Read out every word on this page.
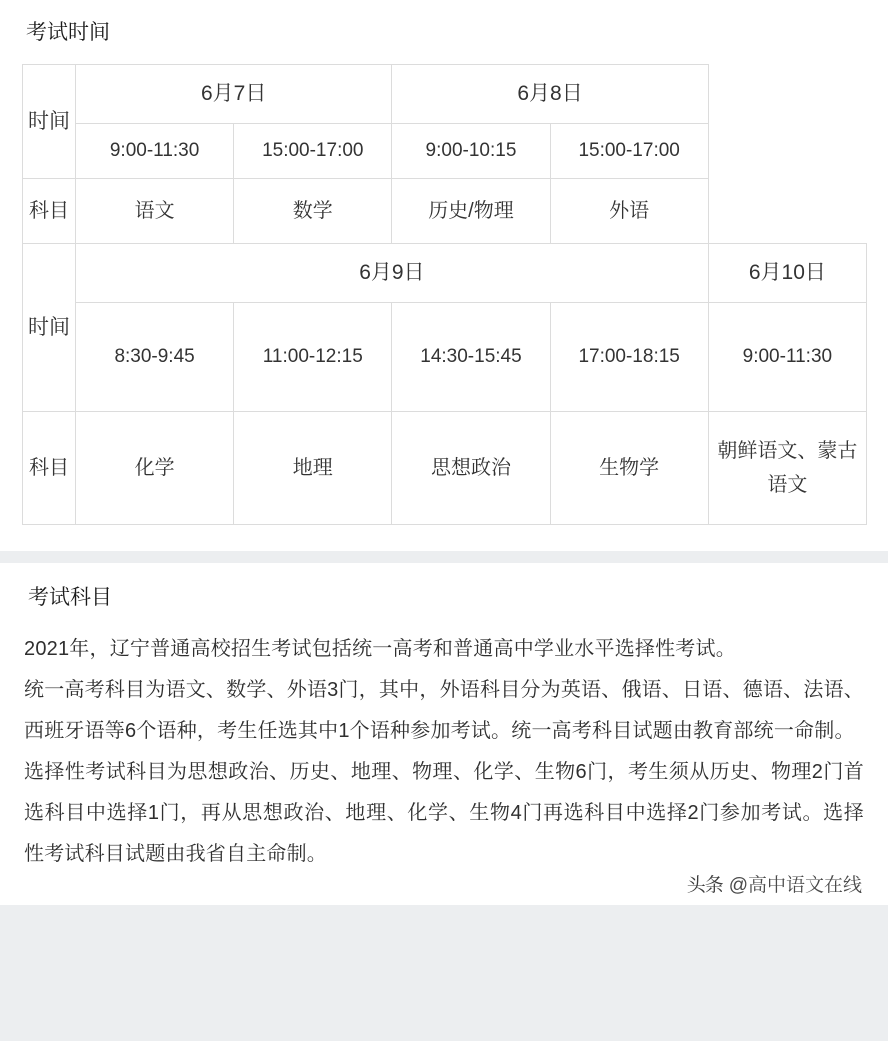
考试时间
时间	6月7日		6月8日		
	9:00-11:30	15:00-17:00	9:00-10:15	15:00-17:00	
科目	语文	数学	历史/物理	外语	
时间	6月9日				6月10日
	8:30-9:45	11:00-12:15	14:30-15:45	17:00-18:15	9:00-11:30
科目	化学	地理	思想政治	生物学	朝鲜语文、蒙古语文
考试科目

2021年，辽宁普通高校招生考试包括统一高考和普通高中学业水平选择性考试。

统一高考科目为语文、数学、外语3门，其中，外语科目分为英语、俄语、日语、德语、法语、西班牙语等6个语种，考生任选其中1个语种参加考试。统一高考科目试题由教育部统一命制。

选择性考试科目为思想政治、历史、地理、物理、化学、生物6门，考生须从历史、物理2门首选科目中选择1门，再从思想政治、地理、化学、生物4门再选科目中选择2门参加考试。选择性考试科目试题由我省自主命制。

头条 @高中语文在线
